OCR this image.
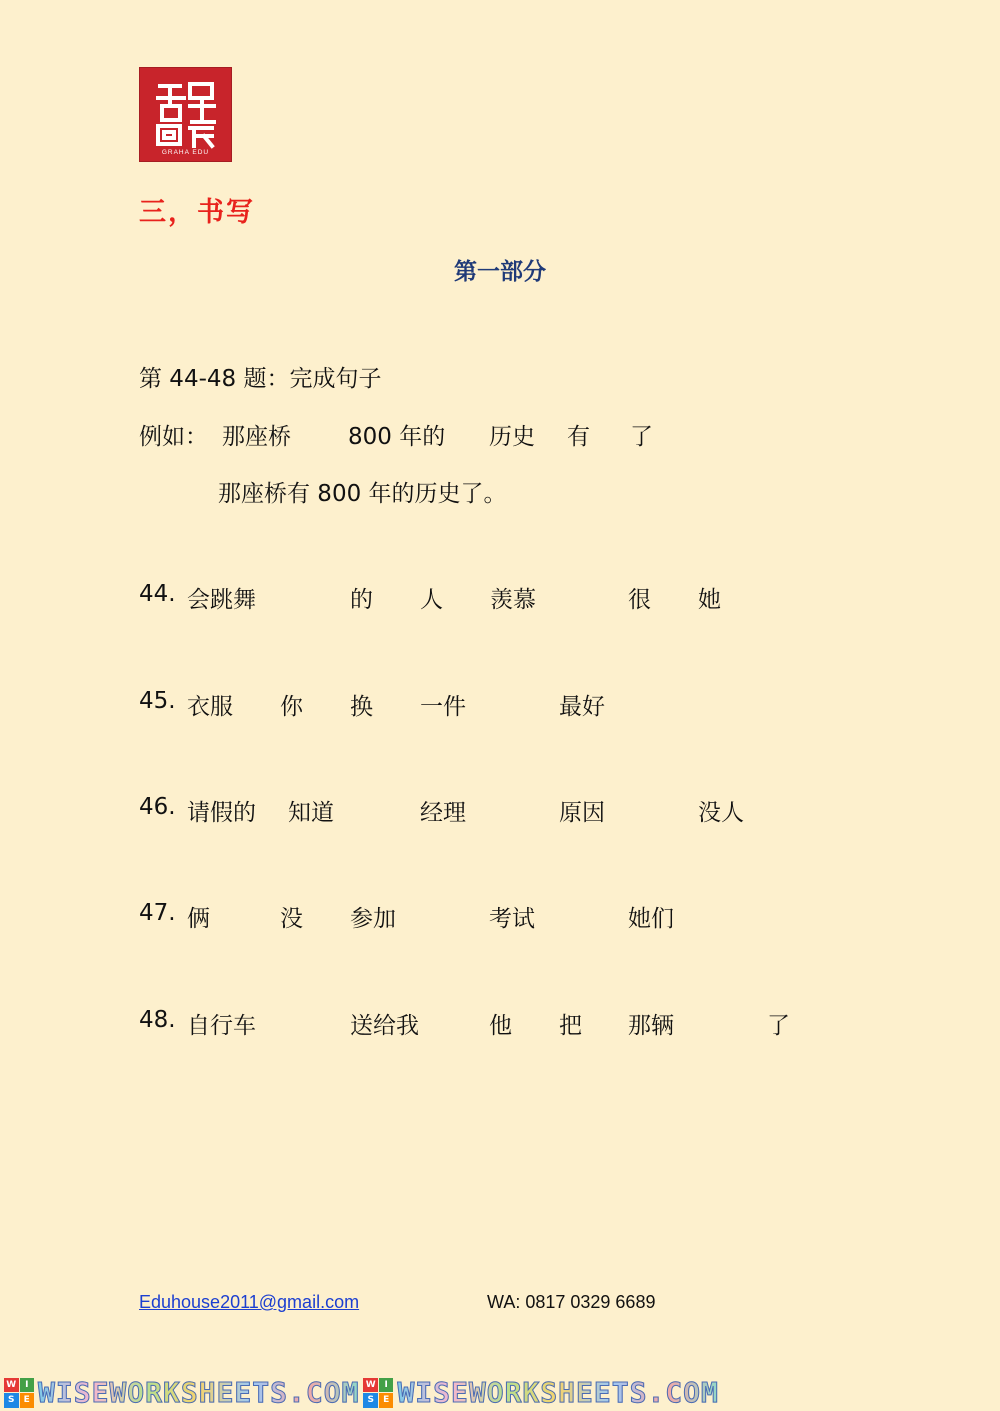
GRAHA EDU
三，书写
第一部分
第 44-48 题：完成句子
例如： 那座桥 800 年的 历史 有 了
那座桥有 800 年的历史了。
44. 会跳舞	的 人 羡慕	很 她
45. 衣服 你 换 一件	最好
46. 请假的 知道	经理	原因	没人
47. 俩	没 参加	考试	她们
48. 自行车	送给我	他 把 那辆	了
Eduhouse2011@gmail.com	WA: 0817 0329 6689
W I
S	E WISEWORKSHEETS.COM W I
S	E WISEWORKSHEETS.COM
